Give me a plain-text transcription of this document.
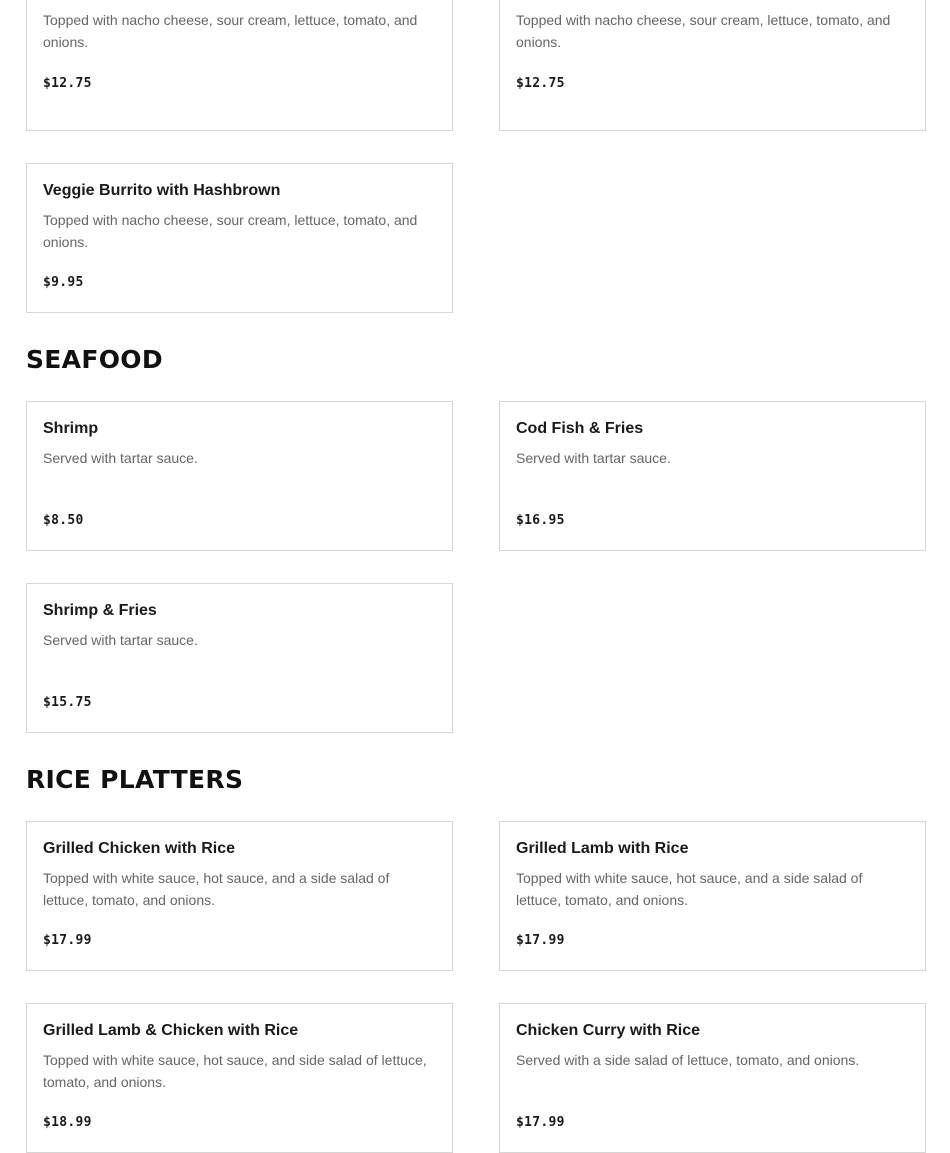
Topped with nacho cheese, sour cream, lettuce, tomato, and onions.
$12.75
Topped with nacho cheese, sour cream, lettuce, tomato, and onions.
$12.75
Veggie Burrito with Hashbrown
Topped with nacho cheese, sour cream, lettuce, tomato, and onions.
$9.95
SEAFOOD
Shrimp
Served with tartar sauce.
$8.50
Cod Fish & Fries
Served with tartar sauce.
$16.95
Shrimp & Fries
Served with tartar sauce.
$15.75
RICE PLATTERS
Grilled Chicken with Rice
Topped with white sauce, hot sauce, and a side salad of lettuce, tomato, and onions.
$17.99
Grilled Lamb with Rice
Topped with white sauce, hot sauce, and a side salad of lettuce, tomato, and onions.
$17.99
Grilled Lamb & Chicken with Rice
Topped with white sauce, hot sauce, and side salad of lettuce, tomato, and onions.
$18.99
Chicken Curry with Rice
Served with a side salad of lettuce, tomato, and onions.
$17.99
